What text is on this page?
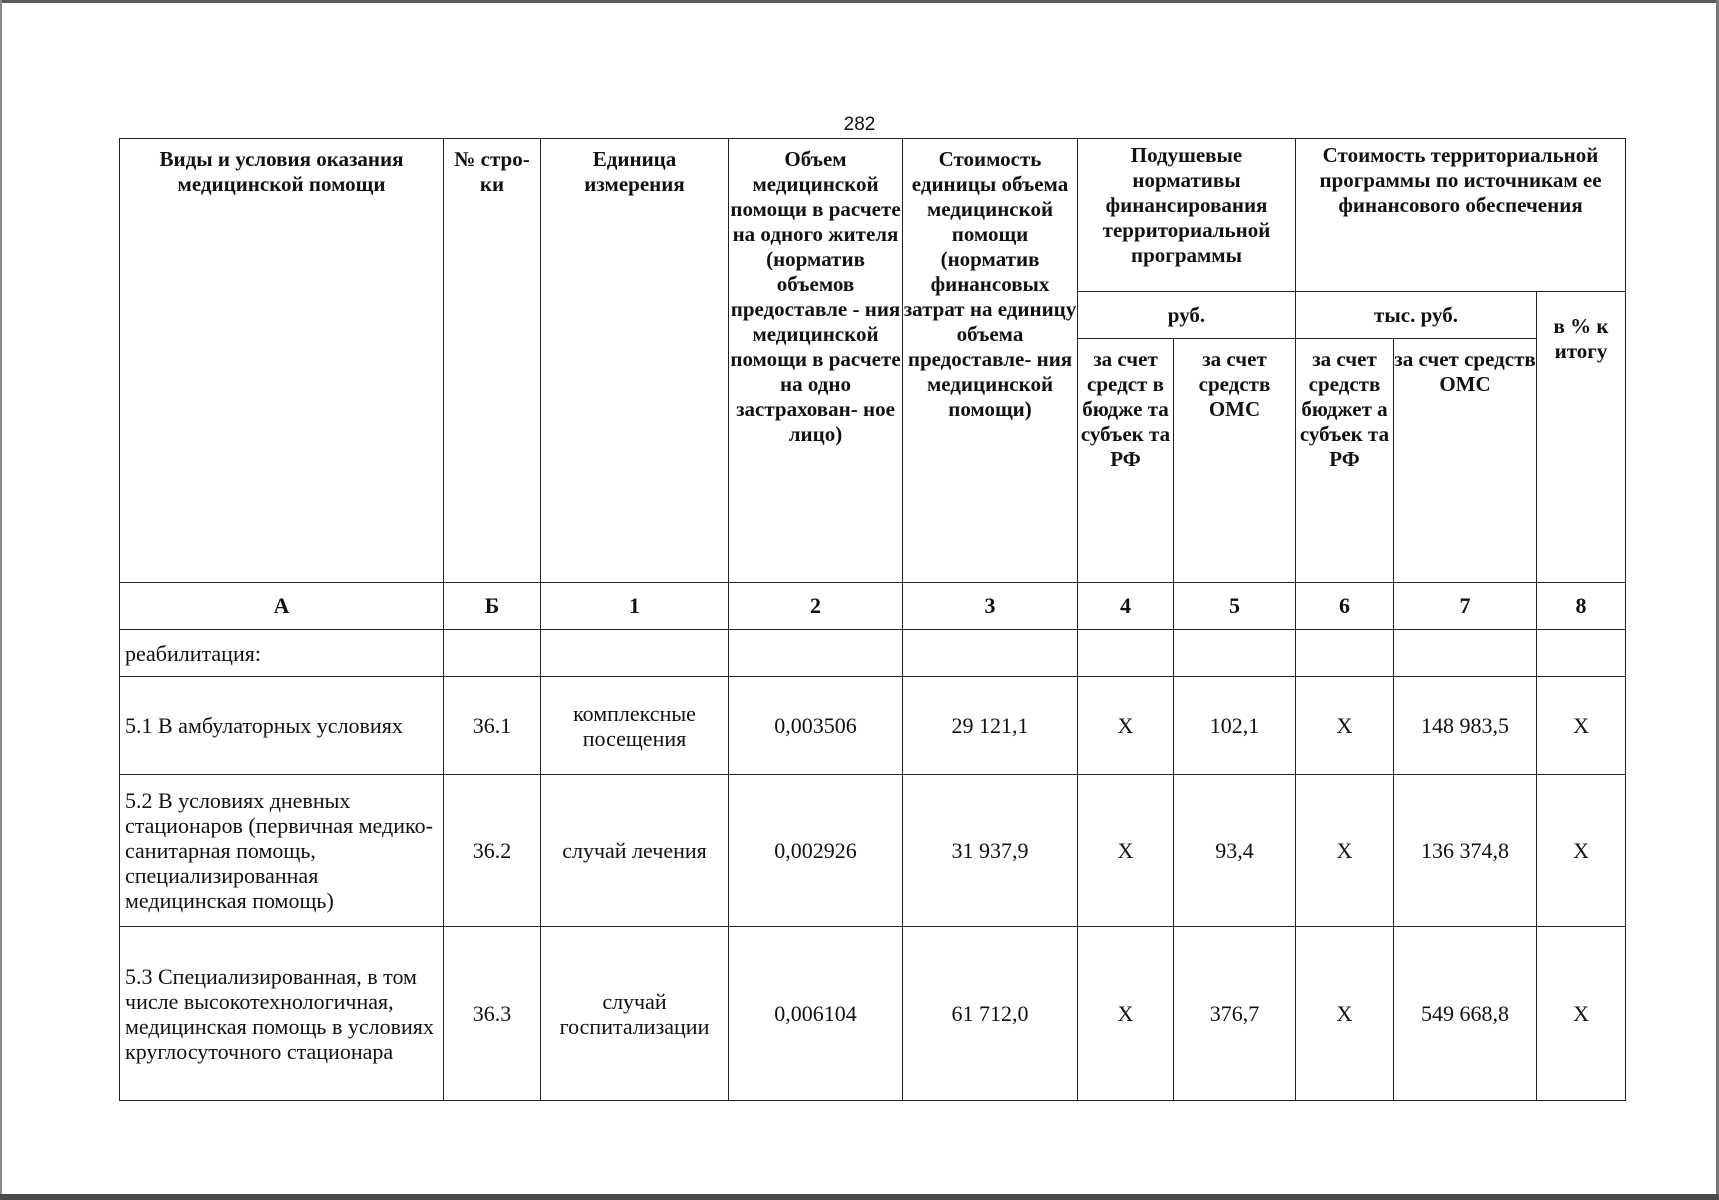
282
Виды и условия оказания медицинской помощи	№ стро- ки	Единица измерения	Объем медицинской помощи в расчете на одного жителя (норматив объемов предоставле - ния медицинской помощи в расчете на одно застрахован- ное лицо)	Стоимость единицы объема медицинской помощи (норматив финансовых затрат на единицу объема предоставле- ния медицинской помощи)	Подушевые нормативы финансирования территориальной программы		Стоимость территориальной программы по источникам ее финансового обеспечения		
					руб.		тыс. руб.		в % к итогу
					за счет средст в бюдже та субъек та РФ	за счет средств ОМС	за счет средств бюджет а субъек та РФ	за счет средств ОМС	
А	Б	1	2	3	4	5	6	7	8
реабилитация:									
5.1 В амбулаторных условиях	36.1	комплексные посещения	0,003506	29 121,1	Х	102,1	Х	148 983,5	Х
5.2 В условиях дневных стационаров (первичная медико-санитарная помощь, специализированная медицинская помощь)	36.2	случай лечения	0,002926	31 937,9	Х	93,4	Х	136 374,8	Х
5.3 Специализированная, в том числе высокотехнологичная, медицинская помощь в условиях круглосуточного стационара	36.3	случай госпитализации	0,006104	61 712,0	Х	376,7	Х	549 668,8	Х
